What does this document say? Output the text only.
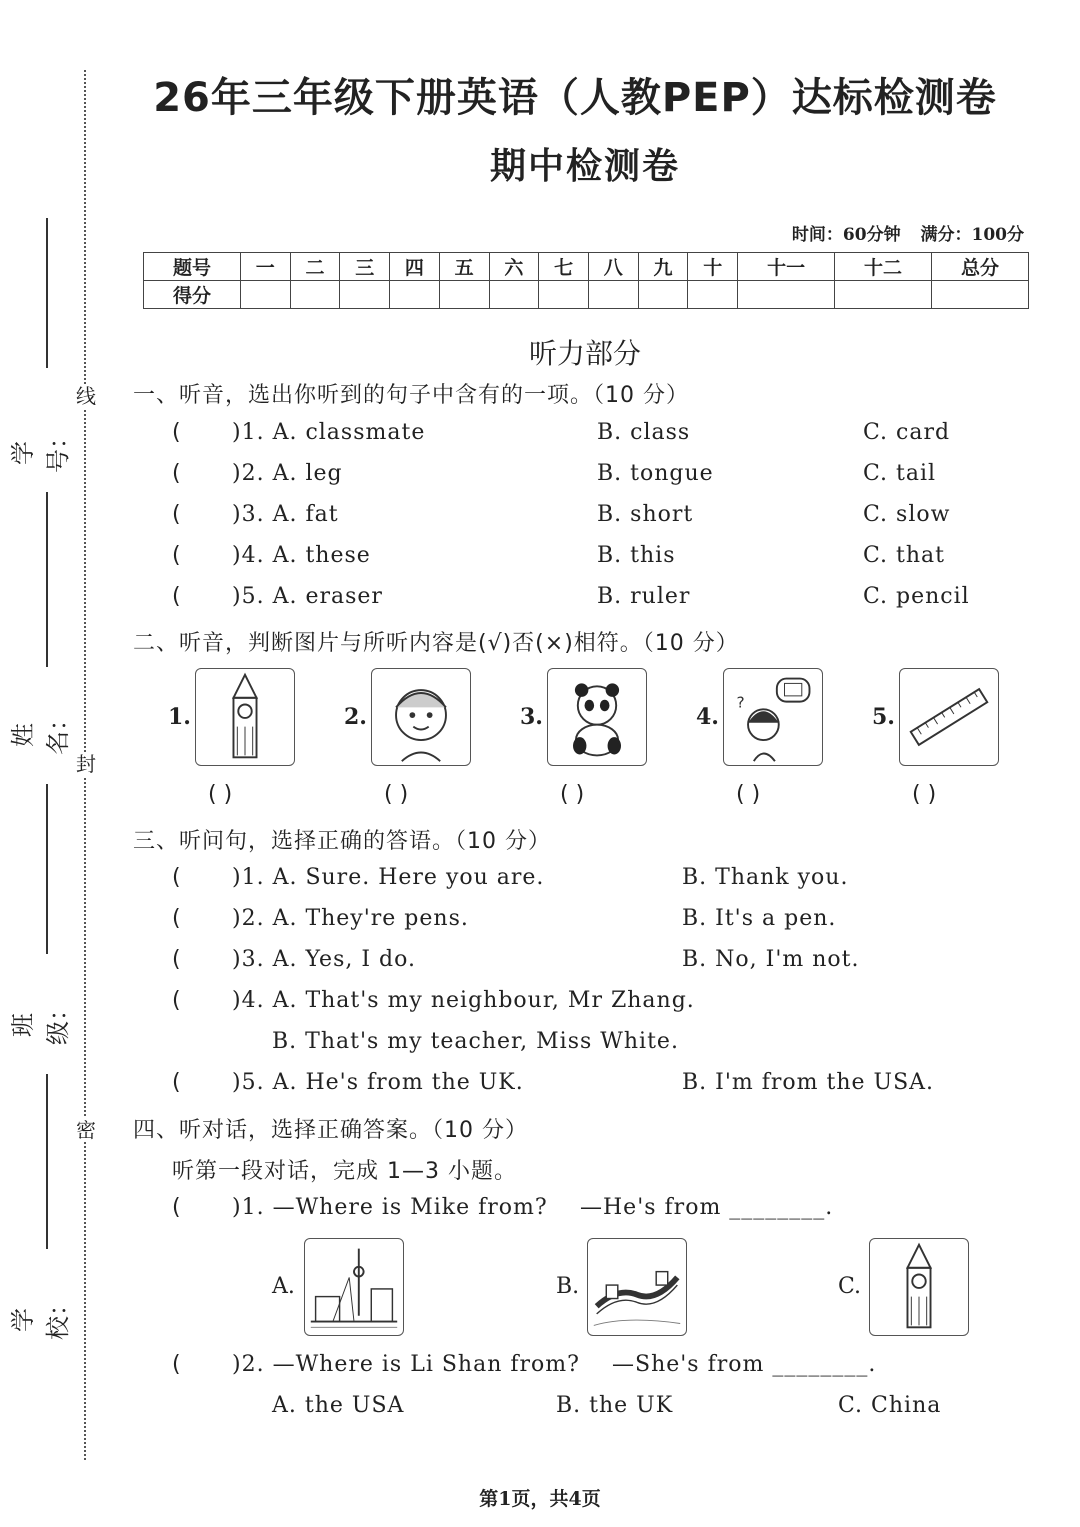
线
封
密
学号：
姓名：
班级：
学校：
26年三年级下册英语（人教PEP）达标检测卷
期中检测卷
时间：60分钟 满分：100分
题号	一	二	三	四	五	六	七	八	九	十	十一	十二	总分
得分													
听力部分
一、听音，选出你听到的句子中含有的一项。（10 分）
( )1. A. classmate	B. class	C. card
( )2. A. leg	B. tongue	C. tail
( )3. A. fat	B. short	C. slow
( )4. A. these	B. this	C. that
( )5. A. eraser	B. ruler	C. pencil
二、听音，判断图片与所听内容是(√)否(×)相符。（10 分）
1.	2.	3.	4.
?
5.
( )	( )	( )	( )	( )
三、听问句，选择正确的答语。（10 分）
( )1. A. Sure. Here you are.	B. Thank you.
( )2. A. They're pens.	B. It's a pen.
( )3. A. Yes, I do.	B. No, I'm not.
( )4. A. That's my neighbour, Mr Zhang.
B. That's my teacher, Miss White.
( )5. A. He's from the UK.	B. I'm from the USA.
四、听对话，选择正确答案。（10 分）
听第一段对话，完成 1—3 小题。
( )1. —Where is Mike from? —He's from ________.
A.	B.	C.
( )2. —Where is Li Shan from? —She's from ________.
A. the USA	B. the UK	C. China
第1页，共4页
